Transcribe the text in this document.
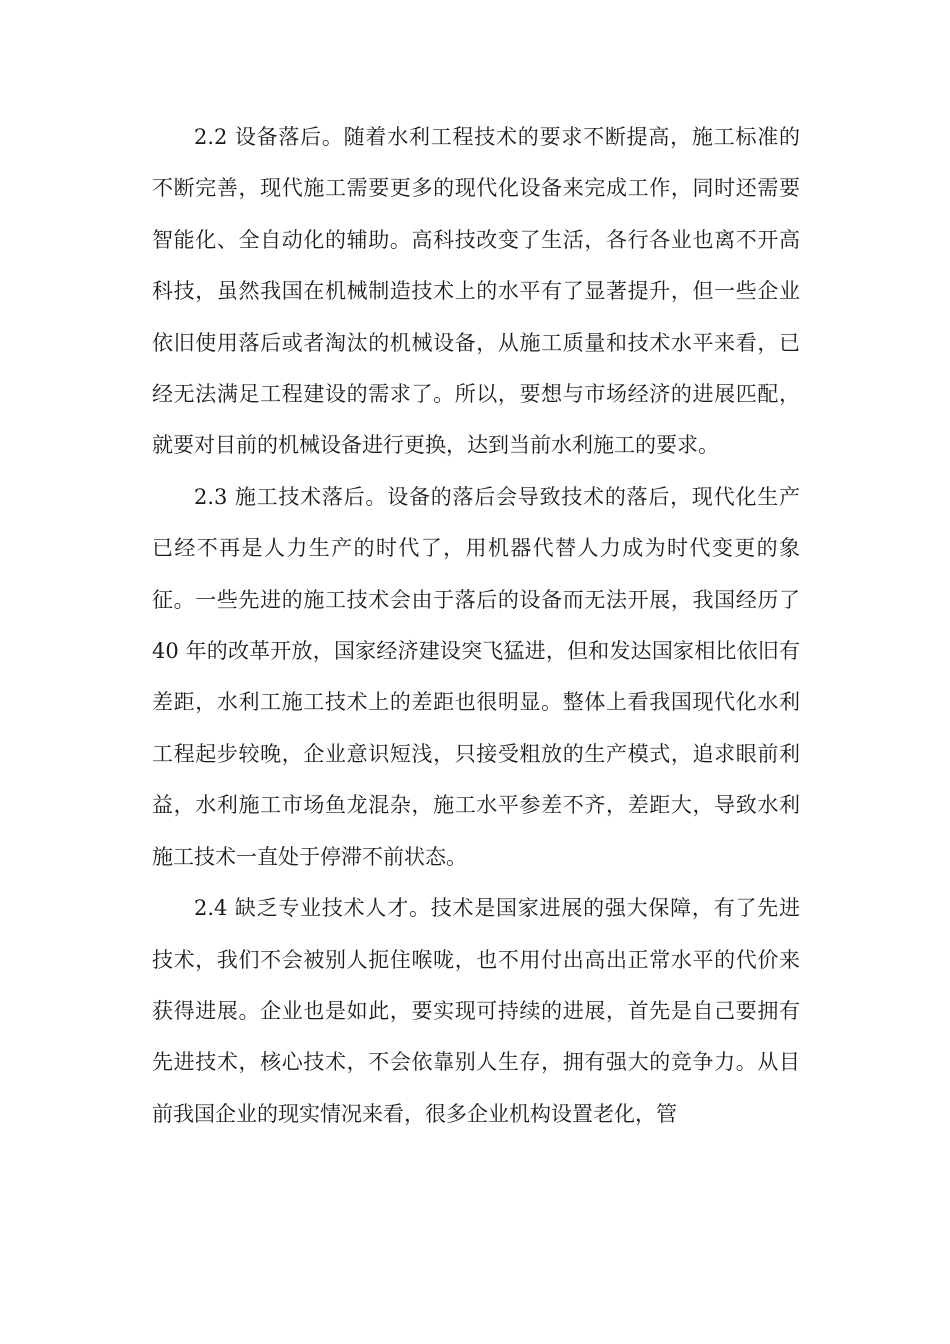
2.2 设备落后。随着水利工程技术的要求不断提高，施工标准的不断完善，现代施工需要更多的现代化设备来完成工作，同时还需要智能化、全自动化的辅助。高科技改变了生活，各行各业也离不开高科技，虽然我国在机械制造技术上的水平有了显著提升，但一些企业依旧使用落后或者淘汰的机械设备，从施工质量和技术水平来看，已经无法满足工程建设的需求了。所以，要想与市场经济的进展匹配，就要对目前的机械设备进行更换，达到当前水利施工的要求。

2.3 施工技术落后。设备的落后会导致技术的落后，现代化生产已经不再是人力生产的时代了，用机器代替人力成为时代变更的象征。一些先进的施工技术会由于落后的设备而无法开展，我国经历了 40 年的改革开放，国家经济建设突飞猛进，但和发达国家相比依旧有差距，水利工施工技术上的差距也很明显。整体上看我国现代化水利工程起步较晚，企业意识短浅，只接受粗放的生产模式，追求眼前利益，水利施工市场鱼龙混杂，施工水平参差不齐，差距大，导致水利施工技术一直处于停滞不前状态。

2.4 缺乏专业技术人才。技术是国家进展的强大保障，有了先进技术，我们不会被别人扼住喉咙，也不用付出高出正常水平的代价来获得进展。企业也是如此，要实现可持续的进展，首先是自己要拥有先进技术，核心技术，不会依靠别人生存，拥有强大的竞争力。从目前我国企业的现实情况来看，很多企业机构设置老化，管
